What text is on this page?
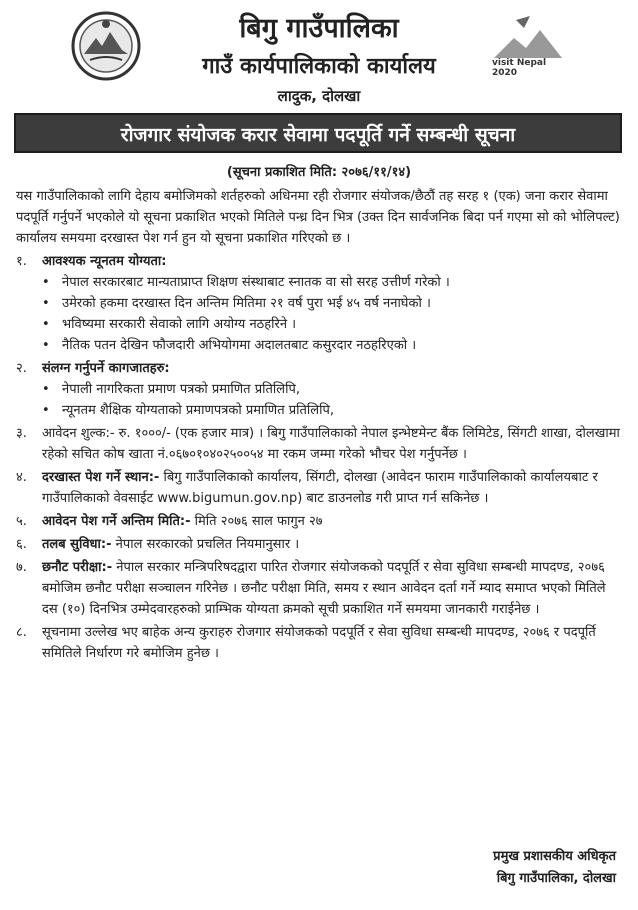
visit Nepal 2020
बिगु गाउँपालिका
गाउँ कार्यपालिकाको कार्यालय
लादुक, दोलखा
रोजगार संयोजक करार सेवामा पदपूर्ति गर्ने सम्बन्धी सूचना
(सूचना प्रकाशित मिति: २०७६/११/१४)

यस गाउँपालिकाको लागि देहाय बमोजिमको शर्तहरुको अधिनमा रही रोजगार संयोजक/छैठौं तह सरह १ (एक) जना करार सेवामा पदपूर्ति गर्नुपर्ने भएकोले यो सूचना प्रकाशित भएको मितिले पन्ध्र दिन भित्र (उक्त दिन सार्वजनिक बिदा पर्न गएमा सो को भोलिपल्ट) कार्यालय समयमा दरखास्त पेश गर्न हुन यो सूचना प्रकाशित गरिएको छ ।

१. आवश्यक न्यूनतम योग्यता:
• नेपाल सरकारबाट मान्यताप्राप्त शिक्षण संस्थाबाट स्नातक वा सो सरह उत्तीर्ण गरेको ।
• उमेरको हकमा दरखास्त दिन अन्तिम मितिमा २१ वर्ष पुरा भई ४५ वर्ष ननाघेको ।
• भविष्यमा सरकारी सेवाको लागि अयोग्य नठहरिने ।
• नैतिक पतन देखिन फौजदारी अभियोगमा अदालतबाट कसुरदार नठहरिएको ।
२. संलग्न गर्नुपर्ने कागजातहरु:
• नेपाली नागरिकता प्रमाण पत्रको प्रमाणित प्रतिलिपि,
• न्यूनतम शैक्षिक योग्यताको प्रमाणपत्रको प्रमाणित प्रतिलिपि,
३.	आवेदन शुल्क:- रु. १०००/- (एक हजार मात्र) । बिगु गाउँपालिकाको नेपाल इन्भेष्टमेन्ट बैंक लिमिटेड, सिंगटी शाखा, दोलखामा रहेको सचित कोष खाता नं.०६७०१०४०२५००५४ मा रकम जम्मा गरेको भौचर पेश गर्नुपर्नेछ ।
४.	दरखास्त पेश गर्ने स्थान:- बिगु गाउँपालिकाको कार्यालय, सिंगटी, दोलखा (आवेदन फाराम गाउँपालिकाको कार्यालयबाट र गाउँपालिकाको वेवसाईट www.bigumun.gov.np) बाट डाउनलोड गरी प्राप्त गर्न सकिनेछ ।
५.	आवेदन पेश गर्ने अन्तिम मिति:- मिति २०७६ साल फागुन २७
६.	तलब सुविधा:- नेपाल सरकारको प्रचलित नियमानुसार ।
७.	छनौट परीक्षा:- नेपाल सरकार मन्त्रिपरिषदद्वारा पारित रोजगार संयोजकको पदपूर्ति र सेवा सुविधा सम्बन्धी मापदण्ड, २०७६ बमोजिम छनौट परीक्षा सञ्चालन गरिनेछ । छनौट परीक्षा मिति, समय र स्थान आवेदन दर्ता गर्ने म्याद समाप्त भएको मितिले दस (१०) दिनभित्र उम्मेदवारहरुको प्राम्भिक योग्यता क्रमको सूची प्रकाशित गर्ने समयमा जानकारी गराईनेछ ।
८.	सूचनामा उल्लेख भए बाहेक अन्य कुराहरु रोजगार संयोजकको पदपूर्ति र सेवा सुविधा सम्बन्धी मापदण्ड, २०७६ र पदपूर्ति समितिले निर्धारण गरे बमोजिम हुनेछ ।
प्रमुख प्रशासकीय अधिकृत
बिगु गाउँपालिका, दोलखा
